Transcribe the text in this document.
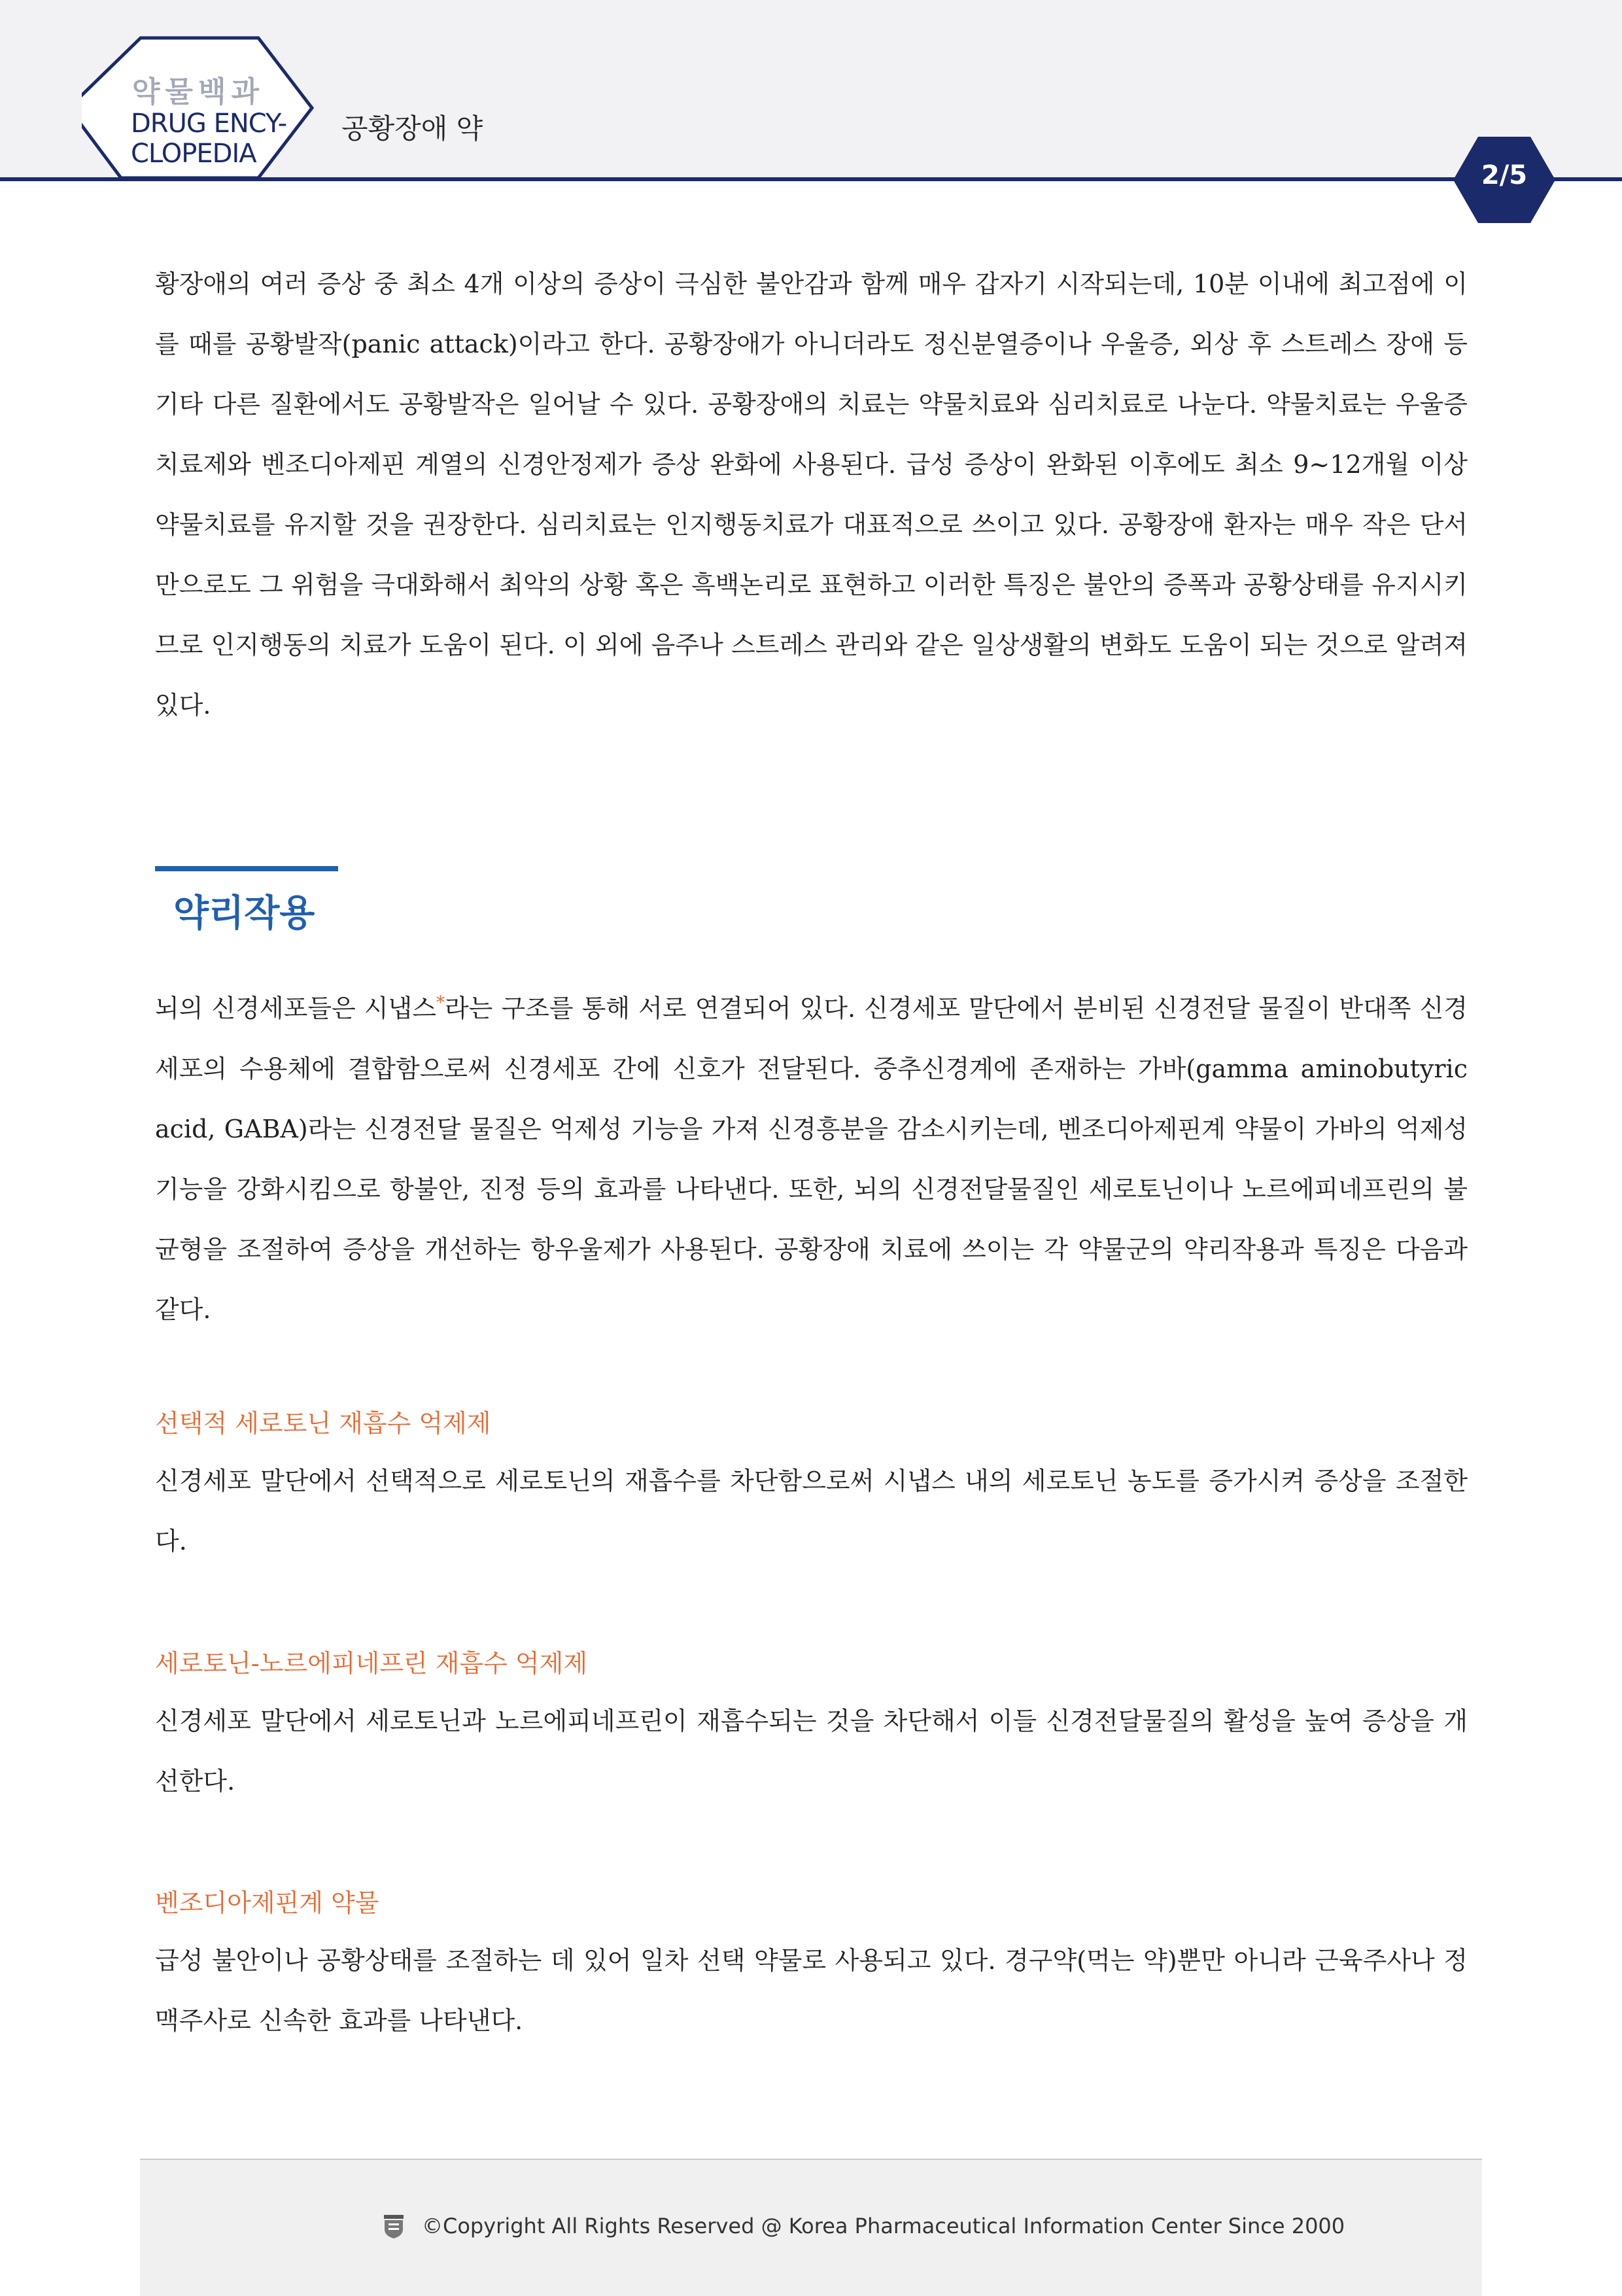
약물백과
DRUG ENCY-
CLOPEDIA
공황장애 약
2/5

황장애의 여러 증상 중 최소 4개 이상의 증상이 극심한 불안감과 함께 매우 갑자기 시작되는데, 10분 이내에 최고점에 이를 때를 공황발작(panic attack)이라고 한다. 공황장애가 아니더라도 정신분열증이나 우울증, 외상 후 스트레스 장애 등 기타 다른 질환에서도 공황발작은 일어날 수 있다. 공황장애의 치료는 약물치료와 심리치료로 나눈다. 약물치료는 우울증치료제와 벤조디아제핀 계열의 신경안정제가 증상 완화에 사용된다. 급성 증상이 완화된 이후에도 최소 9~12개월 이상 약물치료를 유지할 것을 권장한다. 심리치료는 인지행동치료가 대표적으로 쓰이고 있다. 공황장애 환자는 매우 작은 단서만으로도 그 위험을 극대화해서 최악의 상황 혹은 흑백논리로 표현하고 이러한 특징은 불안의 증폭과 공황상태를 유지시키므로 인지행동의 치료가 도움이 된다. 이 외에 음주나 스트레스 관리와 같은 일상생활의 변화도 도움이 되는 것으로 알려져 있다.

약리작용

뇌의 신경세포들은 시냅스*라는 구조를 통해 서로 연결되어 있다. 신경세포 말단에서 분비된 신경전달 물질이 반대쪽 신경세포의 수용체에 결합함으로써 신경세포 간에 신호가 전달된다. 중추신경계에 존재하는 가바(gamma aminobutyric acid, GABA)라는 신경전달 물질은 억제성 기능을 가져 신경흥분을 감소시키는데, 벤조디아제핀계 약물이 가바의 억제성 기능을 강화시킴으로 항불안, 진정 등의 효과를 나타낸다. 또한, 뇌의 신경전달물질인 세로토닌이나 노르에피네프린의 불균형을 조절하여 증상을 개선하는 항우울제가 사용된다. 공황장애 치료에 쓰이는 각 약물군의 약리작용과 특징은 다음과 같다.

선택적 세로토닌 재흡수 억제제

신경세포 말단에서 선택적으로 세로토닌의 재흡수를 차단함으로써 시냅스 내의 세로토닌 농도를 증가시켜 증상을 조절한다.

세로토닌-노르에피네프린 재흡수 억제제

신경세포 말단에서 세로토닌과 노르에피네프린이 재흡수되는 것을 차단해서 이들 신경전달물질의 활성을 높여 증상을 개선한다.

벤조디아제핀계 약물

급성 불안이나 공황상태를 조절하는 데 있어 일차 선택 약물로 사용되고 있다. 경구약(먹는 약)뿐만 아니라 근육주사나 정맥주사로 신속한 효과를 나타낸다.

©Copyright All Rights Reserved @ Korea Pharmaceutical Information Center Since 2000
